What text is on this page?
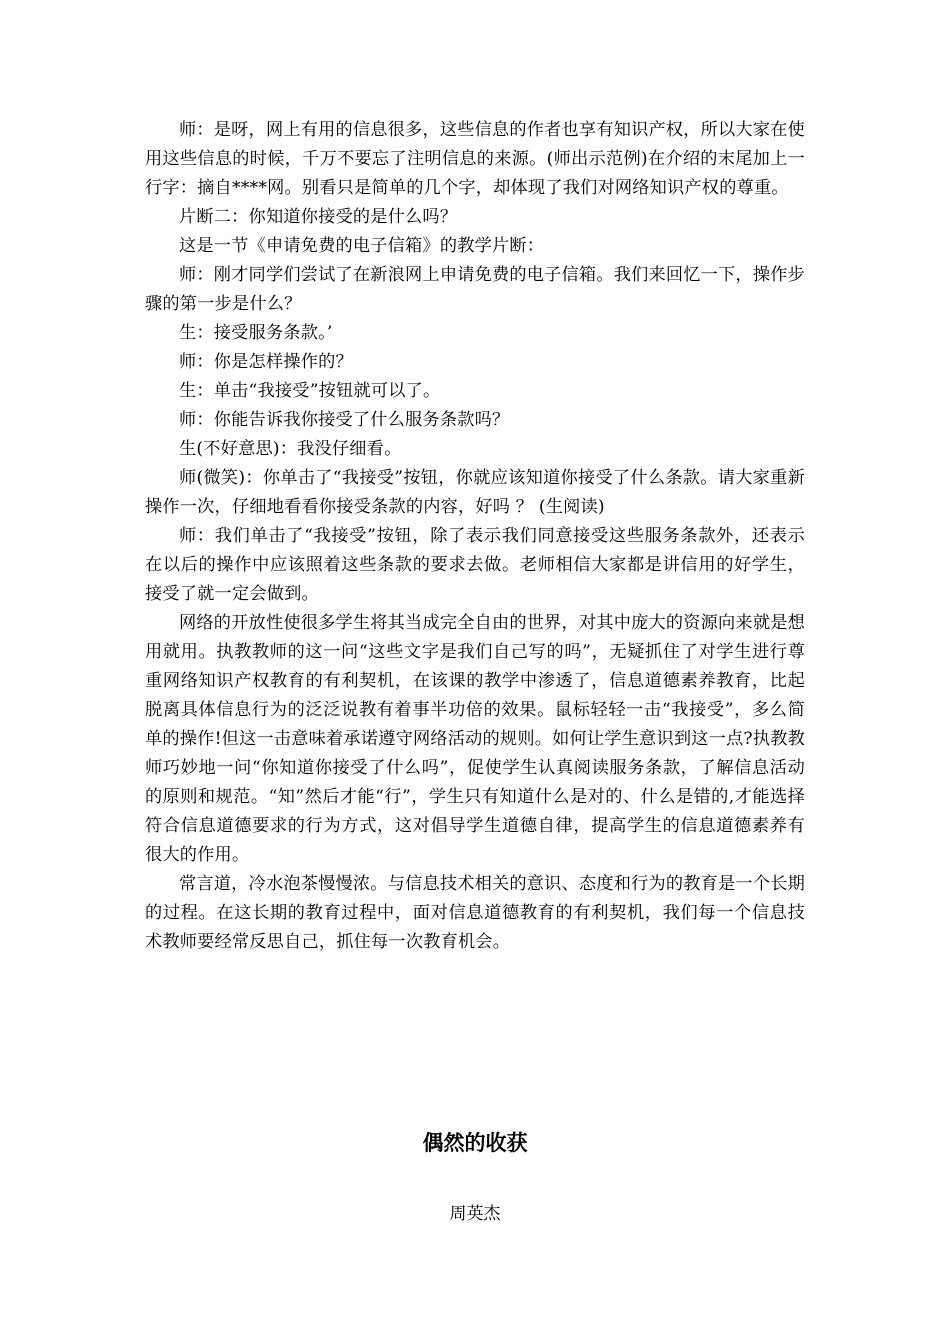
师：是呀，网上有用的信息很多，这些信息的作者也享有知识产权，所以大家在使用这些信息的时候，千万不要忘了注明信息的来源。(师出示范例)在介绍的末尾加上一行字：摘自****网。别看只是简单的几个字，却体现了我们对网络知识产权的尊重。

片断二：你知道你接受的是什么吗？

这是一节《申请免费的电子信箱》的教学片断：

师：刚才同学们尝试了在新浪网上申请免费的电子信箱。我们来回忆一下，操作步骤的第一步是什么？

生：接受服务条款。’

师：你是怎样操作的？

生：单击“我接受”按钮就可以了。

师：你能告诉我你接受了什么服务条款吗？

生(不好意思)：我没仔细看。

师(微笑)：你单击了“我接受”按钮，你就应该知道你接受了什么条款。请大家重新操作一次，仔细地看看你接受条款的内容，好吗 ？ (生阅读)

师：我们单击了“我接受”按钮，除了表示我们同意接受这些服务条款外，还表示在以后的操作中应该照着这些条款的要求去做。老师相信大家都是讲信用的好学生，接受了就一定会做到。

网络的开放性使很多学生将其当成完全自由的世界，对其中庞大的资源向来就是想用就用。执教教师的这一问“这些文字是我们自己写的吗”，无疑抓住了对学生进行尊重网络知识产权教育的有利契机，在该课的教学中渗透了，信息道德素养教育，比起脱离具体信息行为的泛泛说教有着事半功倍的效果。鼠标轻轻一击“我接受”，多么简单的操作!但这一击意味着承诺遵守网络活动的规则。如何让学生意识到这一点?执教教师巧妙地一问“你知道你接受了什么吗”，促使学生认真阅读服务条款，了解信息活动的原则和规范。“知”然后才能“行”，学生只有知道什么是对的、什么是错的,才能选择符合信息道德要求的行为方式，这对倡导学生道德自律，提高学生的信息道德素养有很大的作用。

常言道，冷水泡茶慢慢浓。与信息技术相关的意识、态度和行为的教育是一个长期的过程。在这长期的教育过程中，面对信息道德教育的有利契机，我们每一个信息技术教师要经常反思自己，抓住每一次教育机会。

偶然的收获

周英杰
